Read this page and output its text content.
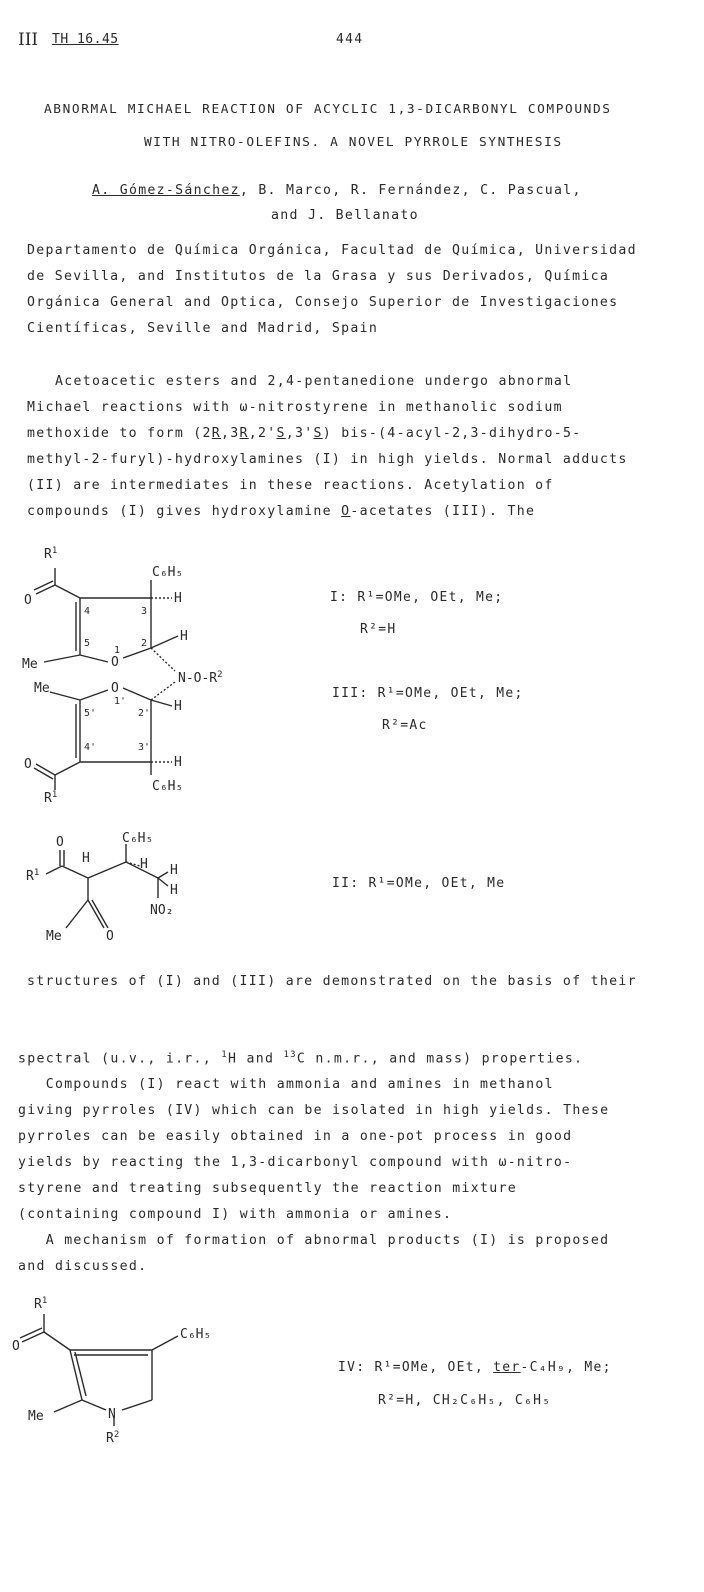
III TH 16.45	444
ABNORMAL MICHAEL REACTION OF ACYCLIC 1,3-DICARBONYL COMPOUNDS
WITH NITRO-OLEFINS. A NOVEL PYRROLE SYNTHESIS
A. Gómez-Sánchez, B. Marco, R. Fernández, C. Pascual,
and J. Bellanato
Departamento de Química Orgánica, Facultad de Química, Universidad
de Sevilla, and Institutos de la Grasa y sus Derivados, Química
Orgánica General and Optica, Consejo Superior de Investigaciones
Científicas, Seville and Madrid, Spain
Acetoacetic esters and 2,4-pentanedione undergo abnormal
Michael reactions with ω-nitrostyrene in methanolic sodium
methoxide to form (2R,3R,2'S,3'S) bis-(4-acyl-2,3-dihydro-5-
methyl-2-furyl)-hydroxylamines (I) in high yields. Normal adducts
(II) are intermediates in these reactions. Acetylation of
compounds (I) gives hydroxylamine O-acetates (III). The
$R^1$
O
C₆H₅
H
4	3
5	2
1
O
H
Me
$N-O-R^2$
Me	O
1'
5'	2' H
4'	3'
H
C₆H₅
O
$R^1$
I: R¹=OMe, OEt, Me;
R²=H
III: R¹=OMe, OEt, Me;
R²=Ac
O
$R^1$
H
C₆H₅
H H
H
NO₂
Me	O
II: R¹=OMe, OEt, Me
structures of (I) and (III) are demonstrated on the basis of their
spectral (u.v., i.r., $^1$H and $^{13}$C n.m.r., and mass) properties.
Compounds (I) react with ammonia and amines in methanol
giving pyrroles (IV) which can be isolated in high yields. These
pyrroles can be easily obtained in a one-pot process in good
yields by reacting the 1,3-dicarbonyl compound with ω-nitro-
styrene and treating subsequently the reaction mixture
(containing compound I) with ammonia or amines.
A mechanism of formation of abnormal products (I) is proposed
and discussed.
$R^1$
O
C₆H₅
Me	N
$R^2$
IV: R¹=OMe, OEt, ter-C₄H₉, Me;
R²=H, CH₂C₆H₅, C₆H₅
